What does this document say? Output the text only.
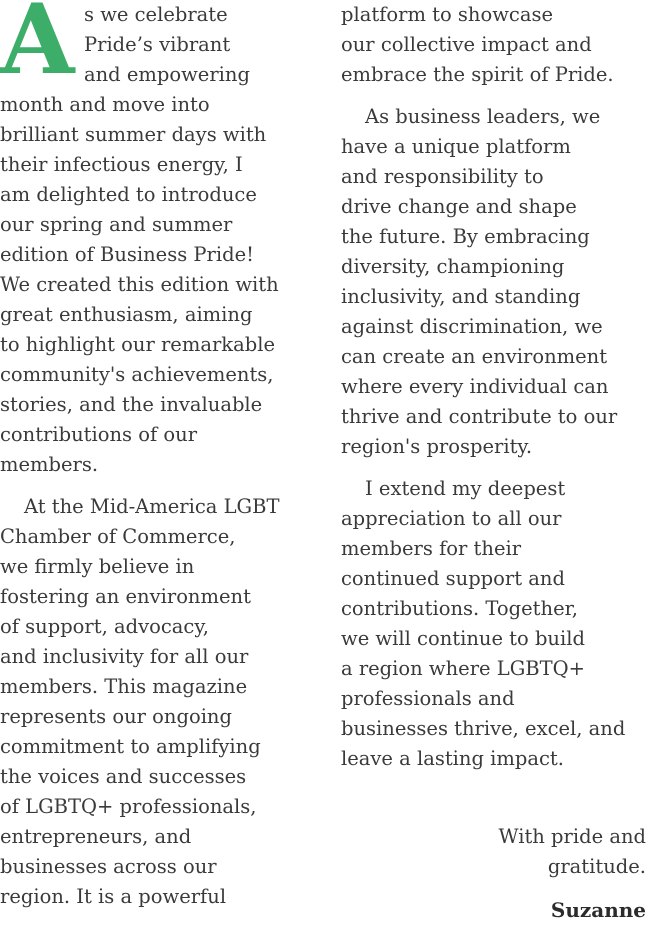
A s we celebrate
Pride’s vibrant
and empowering
month and move into
brilliant summer days with
their infectious energy, I
am delighted to introduce
our spring and summer
edition of Business Pride!
We created this edition with
great enthusiasm, aiming
to highlight our remarkable
community's achievements,
stories, and the invaluable
contributions of our
members.
At the Mid-America LGBT
Chamber of Commerce,
we firmly believe in
fostering an environment
of support, advocacy,
and inclusivity for all our
members. This magazine
represents our ongoing
commitment to amplifying
the voices and successes
of LGBTQ+ professionals,
entrepreneurs, and
businesses across our
region. It is a powerful
platform to showcase
our collective impact and
embrace the spirit of Pride.
As business leaders, we
have a unique platform
and responsibility to
drive change and shape
the future. By embracing
diversity, championing
inclusivity, and standing
against discrimination, we
can create an environment
where every individual can
thrive and contribute to our
region's prosperity.
I extend my deepest
appreciation to all our
members for their
continued support and
contributions. Together,
we will continue to build
a region where LGBTQ+
professionals and
businesses thrive, excel, and
leave a lasting impact.
With pride and
gratitude.
Suzanne
